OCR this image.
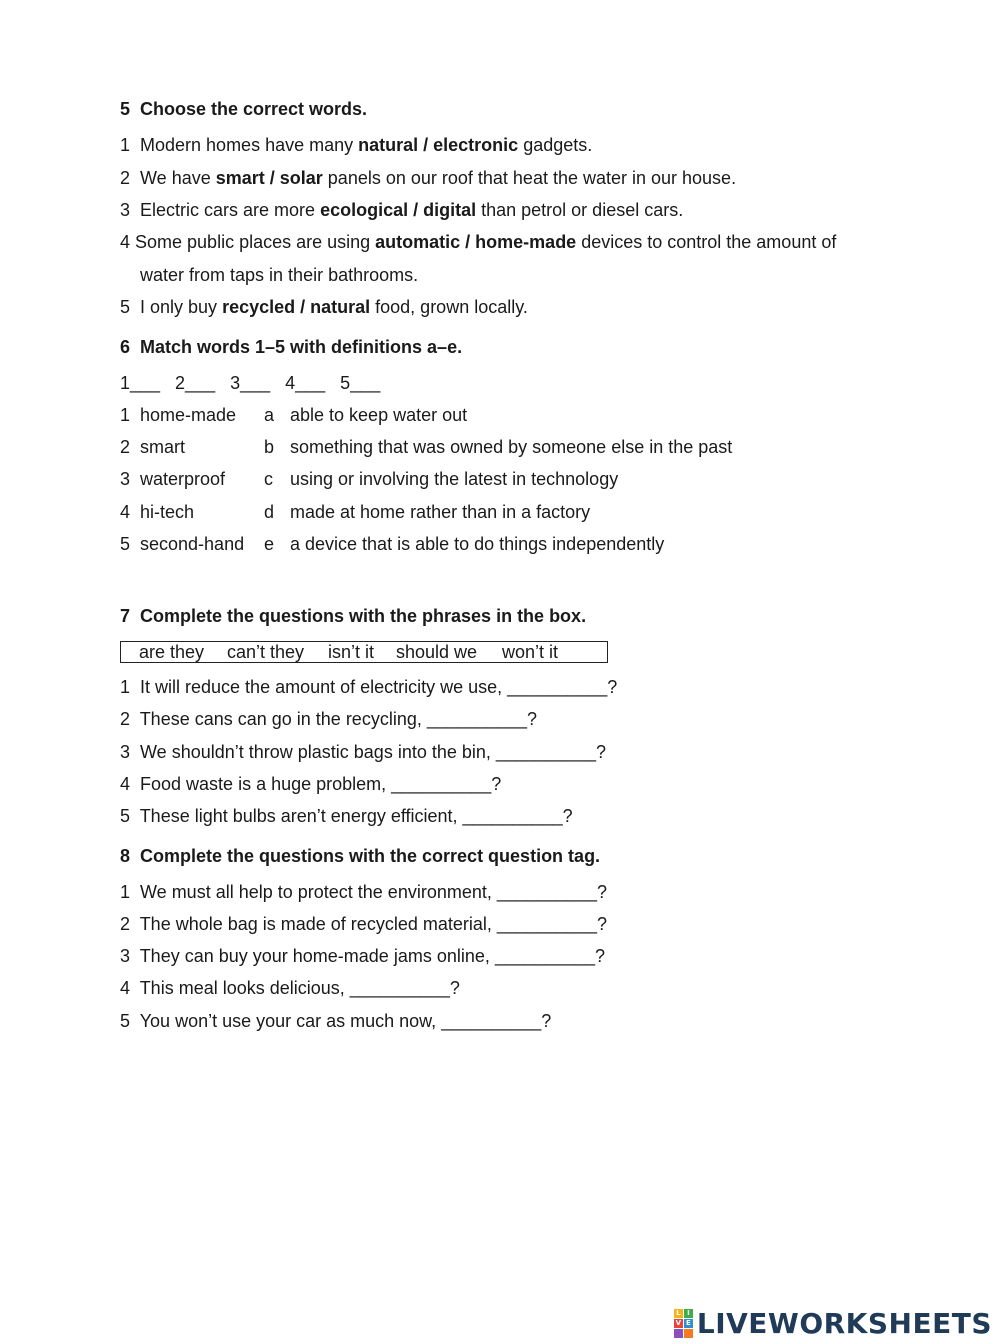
5  Choose the correct words.
1  Modern homes have many natural / electronic gadgets.
2  We have smart / solar panels on our roof that heat the water in our house.
3  Electric cars are more ecological / digital than petrol or diesel cars.
4 Some public places are using automatic / home-made devices to control the amount of
water from taps in their bathrooms.
5  I only buy recycled / natural food, grown locally.
6  Match words 1–5 with definitions a–e.
1___   2___   3___   4___   5___
1  home-made a able to keep water out
2  smart	b something that was owned by someone else in the past
3  waterproof c using or involving the latest in technology
4  hi-tech	d made at home rather than in a factory
5  second-hand e a device that is able to do things independently
7  Complete the questions with the phrases in the box.
are they can’t they isn’t it should we won’t it
1  It will reduce the amount of electricity we use, __________?
2  These cans can go in the recycling, __________?
3  We shouldn’t throw plastic bags into the bin, __________?
4  Food waste is a huge problem, __________?
5  These light bulbs aren’t energy efficient, __________?
8  Complete the questions with the correct question tag.
1  We must all help to protect the environment, __________?
2  The whole bag is made of recycled material, __________?
3  They can buy your home-made jams online, __________?
4  This meal looks delicious, __________?
5  You won’t use your car as much now, __________?
L I
V E LIVEWORKSHEETS
